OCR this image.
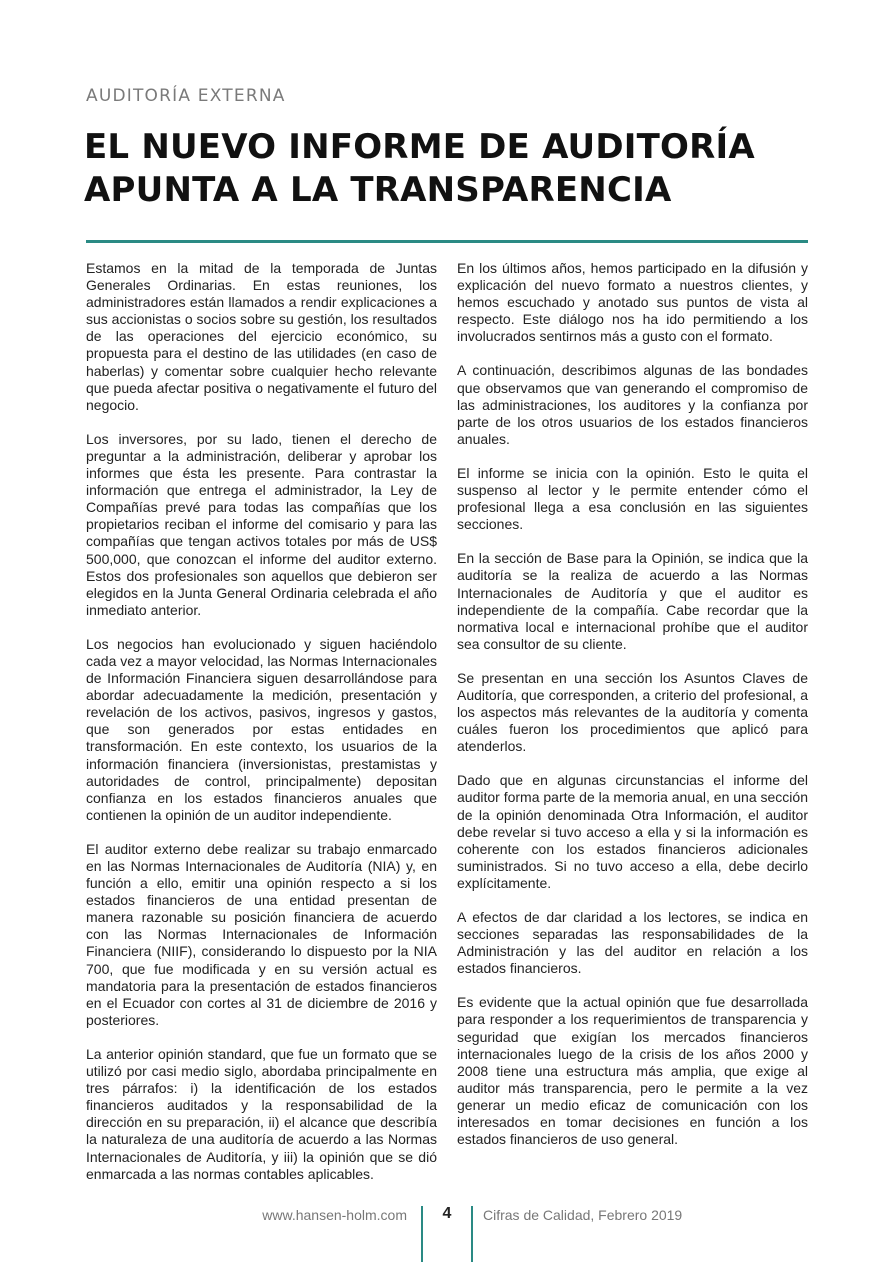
AUDITORÍA EXTERNA
EL NUEVO INFORME DE AUDITORÍA
APUNTA A LA TRANSPARENCIA

Estamos en la mitad de la temporada de Juntas Generales Ordinarias. En estas reuniones, los administradores están llamados a rendir explicaciones a sus accionistas o socios sobre su gestión, los resultados de las operaciones del ejercicio económico, su propuesta para el destino de las utilidades (en caso de haberlas) y comentar sobre cualquier hecho relevante que pueda afectar positiva o negativamente el futuro del negocio.

Los inversores, por su lado, tienen el derecho de preguntar a la administración, deliberar y aprobar los informes que ésta les presente. Para contrastar la información que entrega el administrador, la Ley de Compañías prevé para todas las compañías que los propietarios reciban el informe del comisario y para las compañías que tengan activos totales por más de US$ 500,000, que conozcan el informe del auditor externo. Estos dos profesionales son aquellos que debieron ser elegidos en la Junta General Ordinaria celebrada el año inmediato anterior.

Los negocios han evolucionado y siguen haciéndolo cada vez a mayor velocidad, las Normas Internacionales de Información Financiera siguen desarrollándose para abordar adecuadamente la medición, presentación y revelación de los activos, pasivos, ingresos y gastos, que son generados por estas entidades en transformación. En este contexto, los usuarios de la información financiera (inversionistas, prestamistas y autoridades de control, principalmente) depositan confianza en los estados financieros anuales que contienen la opinión de un auditor independiente.

El auditor externo debe realizar su trabajo enmarcado en las Normas Internacionales de Auditoría (NIA) y, en función a ello, emitir una opinión respecto a si los estados financieros de una entidad presentan de manera razonable su posición financiera de acuerdo con las Normas Internacionales de Información Financiera (NIIF), considerando lo dispuesto por la NIA 700, que fue modificada y en su versión actual es mandatoria para la presentación de estados financieros en el Ecuador con cortes al 31 de diciembre de 2016 y posteriores.

La anterior opinión standard, que fue un formato que se utilizó por casi medio siglo, abordaba principalmente en tres párrafos: i) la identificación de los estados financieros auditados y la responsabilidad de la dirección en su preparación, ii) el alcance que describía la naturaleza de una auditoría de acuerdo a las Normas Internacionales de Auditoría, y iii) la opinión que se dió enmarcada a las normas contables aplicables.

En los últimos años, hemos participado en la difusión y explicación del nuevo formato a nuestros clientes, y hemos escuchado y anotado sus puntos de vista al respecto. Este diálogo nos ha ido permitiendo a los involucrados sentirnos más a gusto con el formato.

A continuación, describimos algunas de las bondades que observamos que van generando el compromiso de las administraciones, los auditores y la confianza por parte de los otros usuarios de los estados financieros anuales.

El informe se inicia con la opinión. Esto le quita el suspenso al lector y le permite entender cómo el profesional llega a esa conclusión en las siguientes secciones.

En la sección de Base para la Opinión, se indica que la auditoría se la realiza de acuerdo a las Normas Internacionales de Auditoría y que el auditor es independiente de la compañía. Cabe recordar que la normativa local e internacional prohíbe que el auditor sea consultor de su cliente.

Se presentan en una sección los Asuntos Claves de Auditoría, que corresponden, a criterio del profesional, a los aspectos más relevantes de la auditoría y comenta cuáles fueron los procedimientos que aplicó para atenderlos.

Dado que en algunas circunstancias el informe del auditor forma parte de la memoria anual, en una sección de la opinión denominada Otra Información, el auditor debe revelar si tuvo acceso a ella y si la información es coherente con los estados financieros adicionales suministrados. Si no tuvo acceso a ella, debe decirlo explícitamente.

A efectos de dar claridad a los lectores, se indica en secciones separadas las responsabilidades de la Administración y las del auditor en relación a los estados financieros.

Es evidente que la actual opinión que fue desarrollada para responder a los requerimientos de transparencia y seguridad que exigían los mercados financieros internacionales luego de la crisis de los años 2000 y 2008 tiene una estructura más amplia, que exige al auditor más transparencia, pero le permite a la vez generar un medio eficaz de comunicación con los interesados en tomar decisiones en función a los estados financieros de uso general.

www.hansen-holm.com	4	Cifras de Calidad, Febrero 2019
